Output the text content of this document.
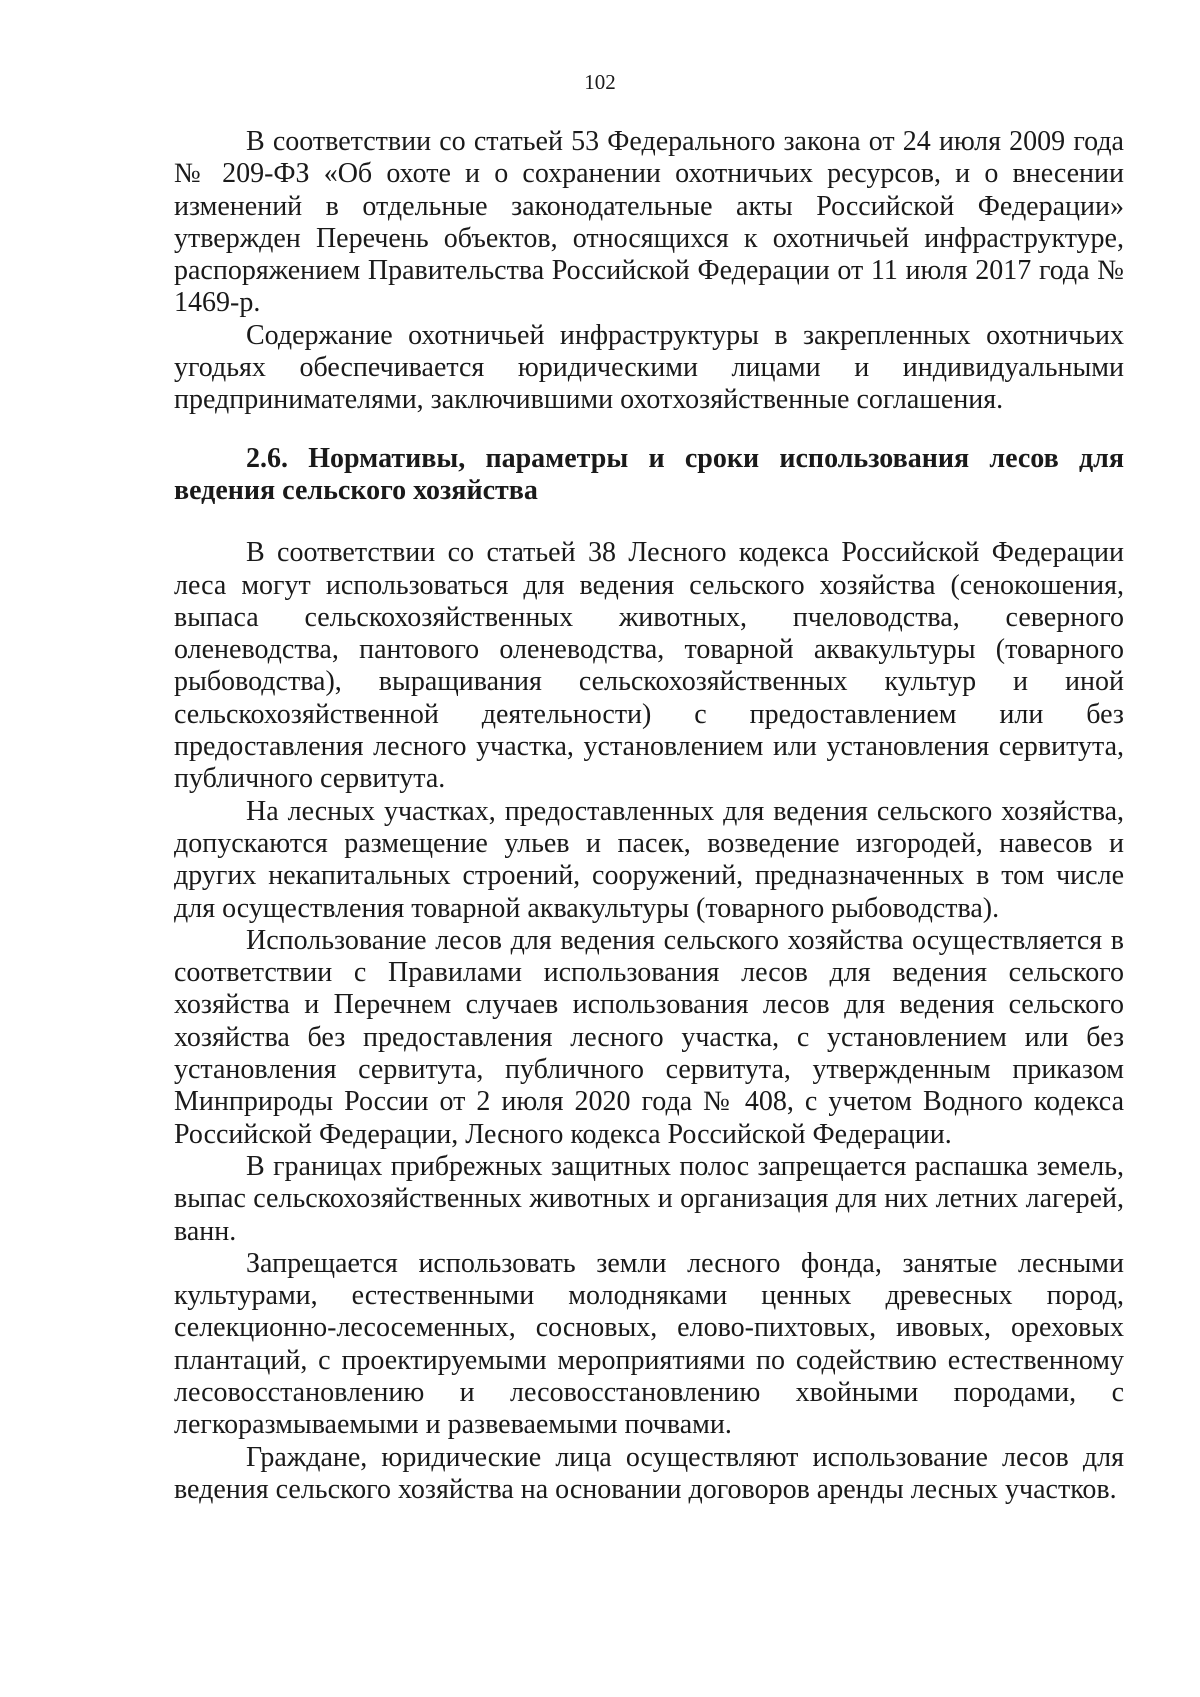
102

В соответствии со статьей 53 Федерального закона от 24 июля 2009 года № 209-ФЗ «Об охоте и о сохранении охотничьих ресурсов, и о внесении изменений в отдельные законодательные акты Российской Федерации» утвержден Перечень объектов, относящихся к охотничьей инфраструктуре, распоряжением Правительства Российской Федерации от 11 июля 2017 года № 1469-р.

Содержание охотничьей инфраструктуры в закрепленных охотничьих угодьях обеспечивается юридическими лицами и индивидуальными предпринимателями, заключившими охотхозяйственные соглашения.

2.6. Нормативы, параметры и сроки использования лесов для ведения сельского хозяйства

В соответствии со статьей 38 Лесного кодекса Российской Федерации леса могут использоваться для ведения сельского хозяйства (сенокошения, выпаса сельскохозяйственных животных, пчеловодства, северного оленеводства, пантового оленеводства, товарной аквакультуры (товарного рыбоводства), выращивания сельскохозяйственных культур и иной сельскохозяйственной деятельности) с предоставлением или без предоставления лесного участка, установлением или установления сервитута, публичного сервитута.

На лесных участках, предоставленных для ведения сельского хозяйства, допускаются размещение ульев и пасек, возведение изгородей, навесов и других некапитальных строений, сооружений, предназначенных в том числе для осуществления товарной аквакультуры (товарного рыбоводства).

Использование лесов для ведения сельского хозяйства осуществляется в соответствии с Правилами использования лесов для ведения сельского хозяйства и Перечнем случаев использования лесов для ведения сельского хозяйства без предоставления лесного участка, с установлением или без установления сервитута, публичного сервитута, утвержденным приказом Минприроды России от 2 июля 2020 года № 408, с учетом Водного кодекса Российской Федерации, Лесного кодекса Российской Федерации.

В границах прибрежных защитных полос запрещается распашка земель, выпас сельскохозяйственных животных и организация для них летних лагерей, ванн.

Запрещается использовать земли лесного фонда, занятые лесными культурами, естественными молодняками ценных древесных пород, селекционно-лесосеменных, сосновых, елово-пихтовых, ивовых, ореховых плантаций, с проектируемыми мероприятиями по содействию естественному лесовосстановлению и лесовосстановлению хвойными породами, с легкоразмываемыми и развеваемыми почвами.

Граждане, юридические лица осуществляют использование лесов для ведения сельского хозяйства на основании договоров аренды лесных участков.
